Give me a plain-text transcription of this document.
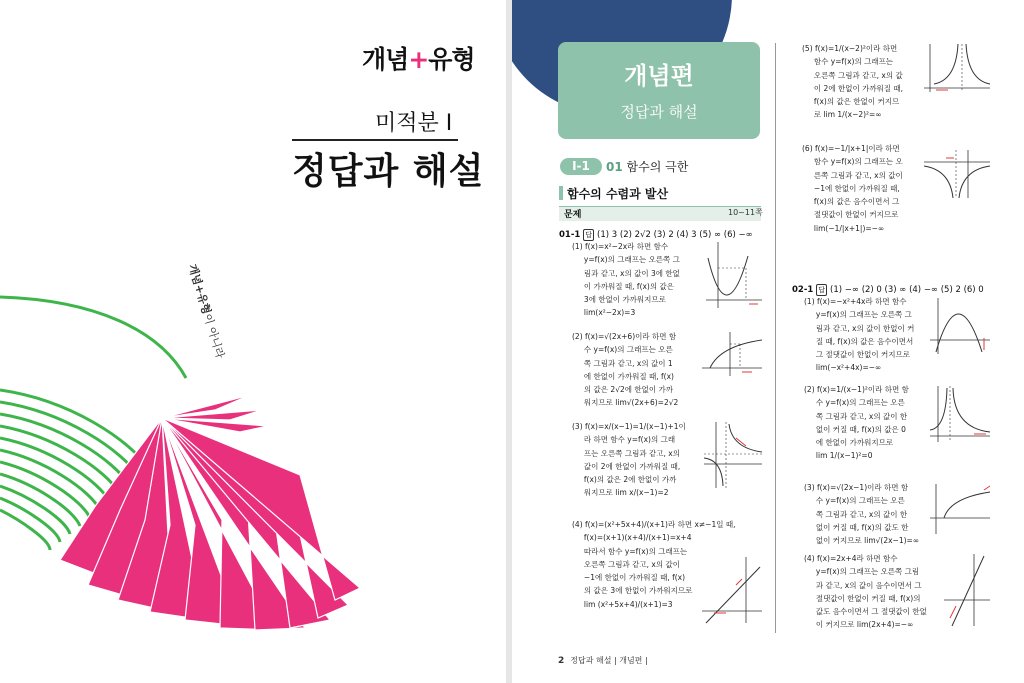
개념+유형
미적분 I
정답과 해설
개념+유형이 아니라
개념편
정답과 해설
Ⅰ-1	01 함수의 극한
함수의 수렴과 발산
문제	10~11쪽
01-1 답 (1) 3 (2) 2√2 (3) 2 (4) 3 (5) ∞ (6) −∞
(1) f(x)=x²−2x라 하면 함수
y=f(x)의 그래프는 오른쪽 그
림과 같고, x의 값이 3에 한없
이 가까워질 때, f(x)의 값은
3에 한없이 가까워지므로
lim(x²−2x)=3
(2) f(x)=√(2x+6)이라 하면 함
수 y=f(x)의 그래프는 오른
쪽 그림과 같고, x의 값이 1
에 한없이 가까워질 때, f(x)
의 값은 2√2에 한없이 가까
워지므로 lim√(2x+6)=2√2
(3) f(x)=x/(x−1)=1/(x−1)+1이
라 하면 함수 y=f(x)의 그래
프는 오른쪽 그림과 같고, x의
값이 2에 한없이 가까워질 때,
f(x)의 값은 2에 한없이 가까
워지므로 lim x/(x−1)=2
(4) f(x)=(x²+5x+4)/(x+1)라 하면 x≠−1일 때,
f(x)=(x+1)(x+4)/(x+1)=x+4
따라서 함수 y=f(x)의 그래프는
오른쪽 그림과 같고, x의 값이
−1에 한없이 가까워질 때, f(x)
의 값은 3에 한없이 가까워지므로
lim (x²+5x+4)/(x+1)=3
(5) f(x)=1/(x−2)²이라 하면
함수 y=f(x)의 그래프는
오른쪽 그림과 같고, x의 값
이 2에 한없이 가까워질 때,
f(x)의 값은 한없이 커지므
로 lim 1/(x−2)²=∞
(6) f(x)=−1/|x+1|이라 하면
함수 y=f(x)의 그래프는 오
른쪽 그림과 같고, x의 값이
−1에 한없이 가까워질 때,
f(x)의 값은 음수이면서 그
절댓값이 한없이 커지므로
lim(−1/|x+1|)=−∞
02-1 답 (1) −∞ (2) 0 (3) ∞ (4) −∞ (5) 2 (6) 0
(1) f(x)=−x²+4x라 하면 함수
y=f(x)의 그래프는 오른쪽 그
림과 같고, x의 값이 한없이 커
질 때, f(x)의 값은 음수이면서
그 절댓값이 한없이 커지므로
lim(−x²+4x)=−∞
(2) f(x)=1/(x−1)²이라 하면 함
수 y=f(x)의 그래프는 오른
쪽 그림과 같고, x의 값이 한
없이 커질 때, f(x)의 값은 0
에 한없이 가까워지므로
lim 1/(x−1)²=0
(3) f(x)=√(2x−1)이라 하면 함
수 y=f(x)의 그래프는 오른
쪽 그림과 같고, x의 값이 한
없이 커질 때, f(x)의 값도 한
없이 커지므로 lim√(2x−1)=∞
(4) f(x)=2x+4라 하면 함수
y=f(x)의 그래프는 오른쪽 그림
과 같고, x의 값이 음수이면서 그
절댓값이 한없이 커질 때, f(x)의
값도 음수이면서 그 절댓값이 한없
이 커지므로 lim(2x+4)=−∞
2 정답과 해설 | 개념편 |
